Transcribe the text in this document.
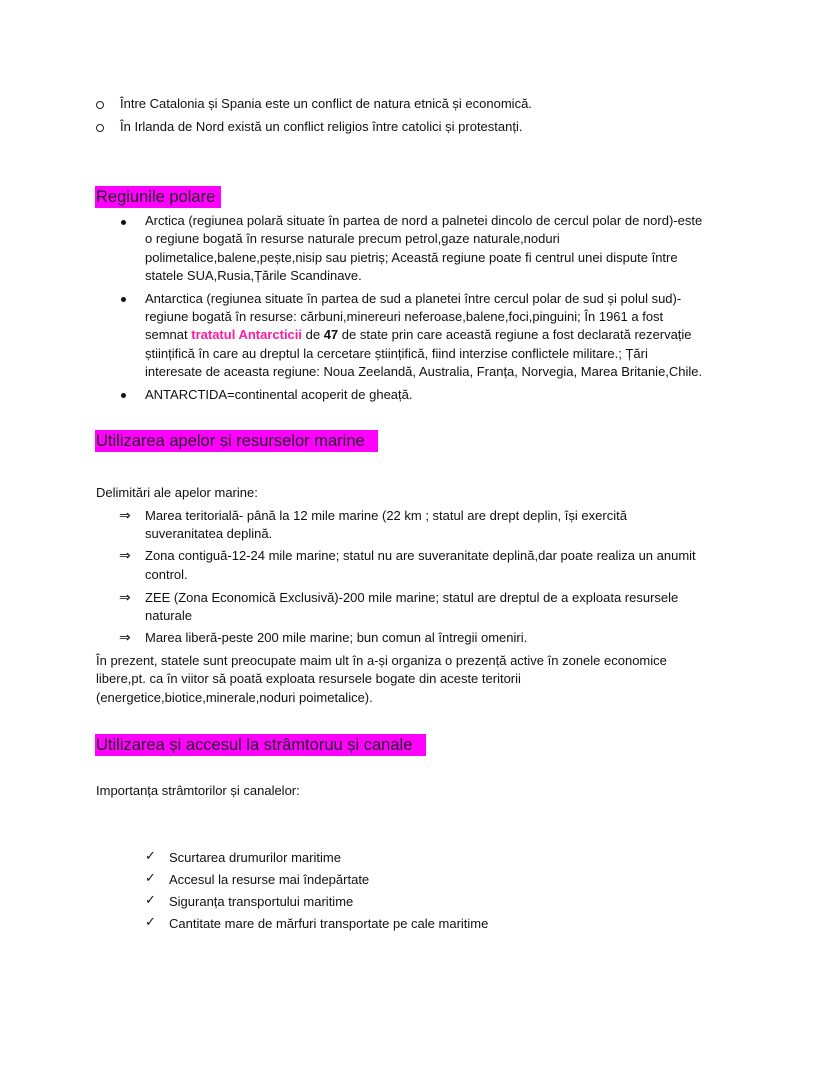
Între Catalonia și Spania este un conflict de natura etnică și economică.
În Irlanda de Nord există un conflict religios între catolici și protestanți.
Regiunile polare
Arctica (regiunea polară situate în partea de nord a palnetei dincolo de cercul polar de nord)-este
o regiune bogată în resurse naturale precum petrol,gaze naturale,noduri
polimetalice,balene,pește,nisip sau pietriș; Această regiune poate fi centrul unei dispute între
statele SUA,Rusia,Țările Scandinave.
Antarctica (regiunea situate în partea de sud a planetei între cercul polar de sud și polul sud)-
regiune bogată în resurse: cărbuni,minereuri neferoase,balene,foci,pinguini; În 1961 a fost
semnat tratatul Antarcticii de 47 de state prin care această regiune a fost declarată rezervație
științifică în care au dreptul la cercetare științifică, fiind interzise conflictele militare.; Țări
interesate de aceasta regiune: Noua Zeelandă, Australia, Franța, Norvegia, Marea Britanie,Chile.
ANTARCTIDA=continental acoperit de gheață.
Utilizarea apelor și resurselor marine
Delimitări ale apelor marine:
⇒ Marea teritorială- până la 12 mile marine (22 km ; statul are drept deplin, își exercită
suveranitatea deplină.
⇒ Zona contiguă-12-24 mile marine; statul nu are suveranitate deplină,dar poate realiza un anumit
control.
⇒ ZEE (Zona Economică Exclusivă)-200 mile marine; statul are dreptul de a exploata resursele
naturale
⇒ Marea liberă-peste 200 mile marine; bun comun al întregii omeniri.
În prezent, statele sunt preocupate maim ult în a-și organiza o prezență active în zonele economice
libere,pt. ca în viitor să poată exploata resursele bogate din aceste teritorii
(energetice,biotice,minerale,noduri poimetalice).
Utilizarea și accesul la strâmtoruu și canale
Importanța strâmtorilor și canalelor:
✓ Scurtarea drumurilor maritime
✓ Accesul la resurse mai îndepărtate
✓ Siguranța transportului maritime
✓ Cantitate mare de mărfuri transportate pe cale maritime
